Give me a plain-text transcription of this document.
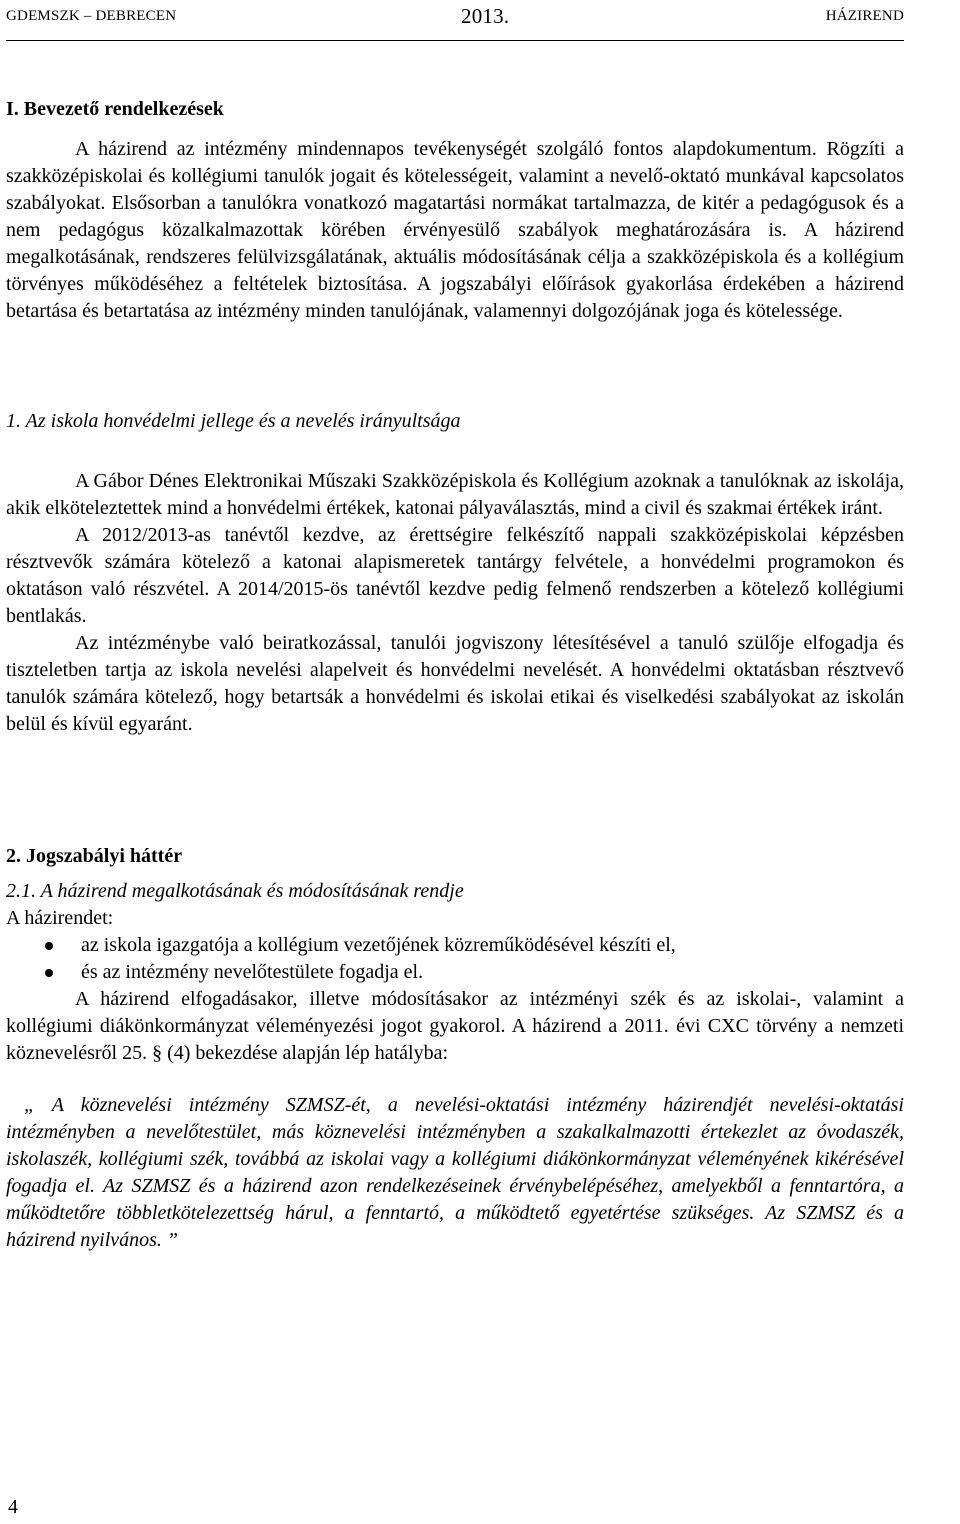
GDEMSZK – DEBRECEN	2013.	HÁZIREND
I. Bevezető rendelkezések

A házirend az intézmény mindennapos tevékenységét szolgáló fontos alapdokumentum. Rögzíti a szakközépiskolai és kollégiumi tanulók jogait és kötelességeit, valamint a nevelő-oktató munkával kapcsolatos szabályokat. Elsősorban a tanulókra vonatkozó magatartási normákat tartalmazza, de kitér a pedagógusok és a nem pedagógus közalkalmazottak körében érvényesülő szabályok meghatározására is. A házirend megalkotásának, rendszeres felülvizsgálatának, aktuális módosításának célja a szakközépiskola és a kollégium törvényes működéséhez a feltételek biztosítása. A jogszabályi előírások gyakorlása érdekében a házirend betartása és betartatása az intézmény minden tanulójának, valamennyi dolgozójának joga és kötelessége.

1. Az iskola honvédelmi jellege és a nevelés irányultsága

A Gábor Dénes Elektronikai Műszaki Szakközépiskola és Kollégium azoknak a tanulóknak az iskolája, akik elköteleztettek mind a honvédelmi értékek, katonai pályaválasztás, mind a civil és szakmai értékek iránt.

A 2012/2013-as tanévtől kezdve, az érettségire felkészítő nappali szakközépiskolai képzésben résztvevők számára kötelező a katonai alapismeretek tantárgy felvétele, a honvédelmi programokon és oktatáson való részvétel. A 2014/2015-ös tanévtől kezdve pedig felmenő rendszerben a kötelező kollégiumi bentlakás.

Az intézménybe való beiratkozással, tanulói jogviszony létesítésével a tanuló szülője elfogadja és tiszteletben tartja az iskola nevelési alapelveit és honvédelmi nevelését. A honvédelmi oktatásban résztvevő tanulók számára kötelező, hogy betartsák a honvédelmi és iskolai etikai és viselkedési szabályokat az iskolán belül és kívül egyaránt.

2. Jogszabályi háttér
2.1. A házirend megalkotásának és módosításának rendje

A házirendet:

az iskola igazgatója a kollégium vezetőjének közreműködésével készíti el,
és az intézmény nevelőtestülete fogadja el.

A házirend elfogadásakor, illetve módosításakor az intézményi szék és az iskolai-, valamint a kollégiumi diákönkormányzat véleményezési jogot gyakorol. A házirend a 2011. évi CXC törvény a nemzeti köznevelésről 25. § (4) bekezdése alapján lép hatályba:

„ A köznevelési intézmény SZMSZ-ét, a nevelési-oktatási intézmény házirendjét nevelési-oktatási intézményben a nevelőtestület, más köznevelési intézményben a szakalkalmazotti értekezlet az óvodaszék, iskolaszék, kollégiumi szék, továbbá az iskolai vagy a kollégiumi diákönkormányzat véleményének kikérésével fogadja el. Az SZMSZ és a házirend azon rendelkezéseinek érvénybelépéséhez, amelyekből a fenntartóra, a működtetőre többletkötelezettség hárul, a fenntartó, a működtető egyetértése szükséges. Az SZMSZ és a házirend nyilvános. ”

4
